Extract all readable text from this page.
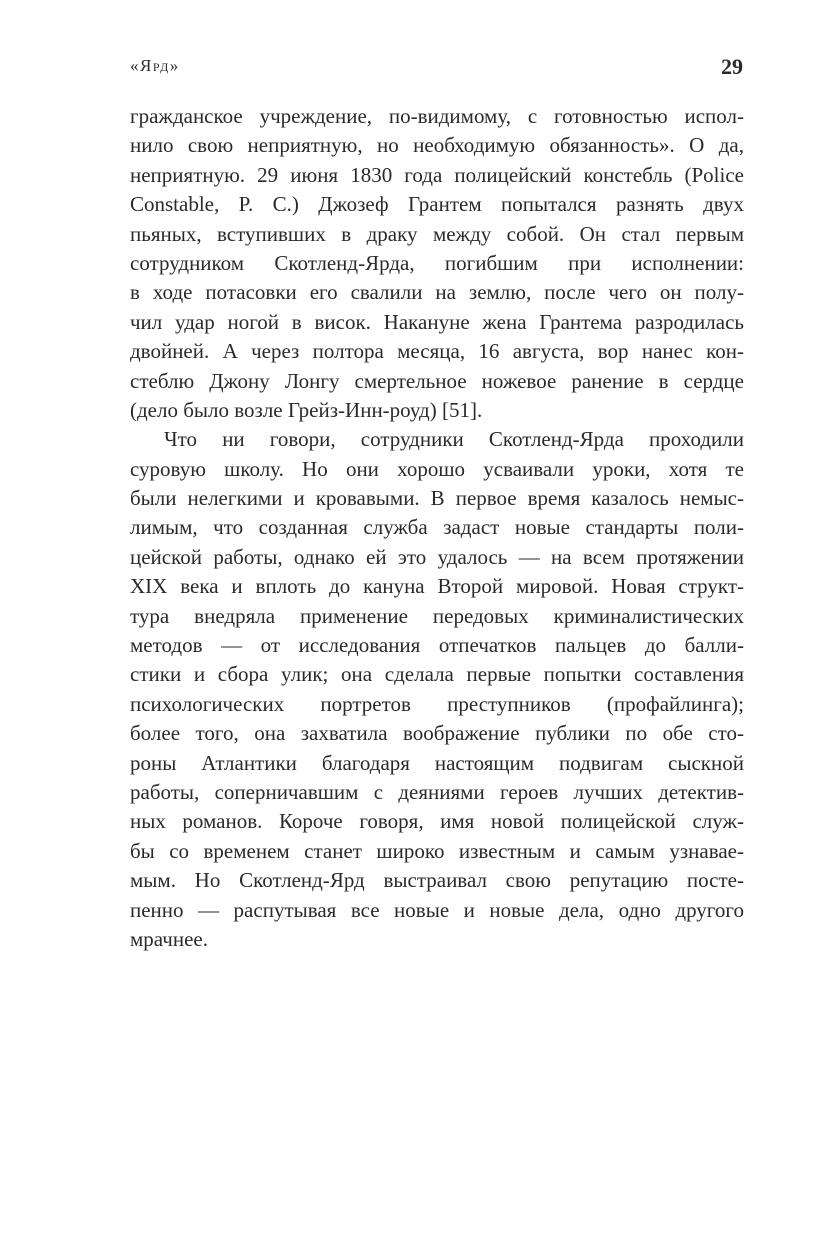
«Ярд»	29
гражданское учреждение, по-видимому, с готовностью испол-
нило свою неприятную, но необходимую обязанность». О да,
неприятную. 29 июня 1830 года полицейский констебль (Police
Constable, P. C.) Джозеф Грантем попытался разнять двух
пьяных, вступивших в драку между собой. Он стал первым
сотрудником Скотленд-Ярда, погибшим при исполнении:
в ходе потасовки его свалили на землю, после чего он полу-
чил удар ногой в висок. Накануне жена Грантема разродилась
двойней. А через полтора месяца, 16 августа, вор нанес кон-
стеблю Джону Лонгу смертельное ножевое ранение в сердце
(дело было возле Грейз-Инн-роуд) [51].
Что ни говори, сотрудники Скотленд-Ярда проходили
суровую школу. Но они хорошо усваивали уроки, хотя те
были нелегкими и кровавыми. В первое время казалось немыс-
лимым, что созданная служба задаст новые стандарты поли-
цейской работы, однако ей это удалось — на всем протяжении
XIX века и вплоть до кануна Второй мировой. Новая структ-
тура внедряла применение передовых криминалистических
методов — от исследования отпечатков пальцев до балли-
стики и сбора улик; она сделала первые попытки составления
психологических портретов преступников (профайлинга);
более того, она захватила воображение публики по обе сто-
роны Атлантики благодаря настоящим подвигам сыскной
работы, соперничавшим с деяниями героев лучших детектив-
ных романов. Короче говоря, имя новой полицейской служ-
бы со временем станет широко известным и самым узнавае-
мым. Но Скотленд-Ярд выстраивал свою репутацию посте-
пенно — распутывая все новые и новые дела, одно другого
мрачнее.
